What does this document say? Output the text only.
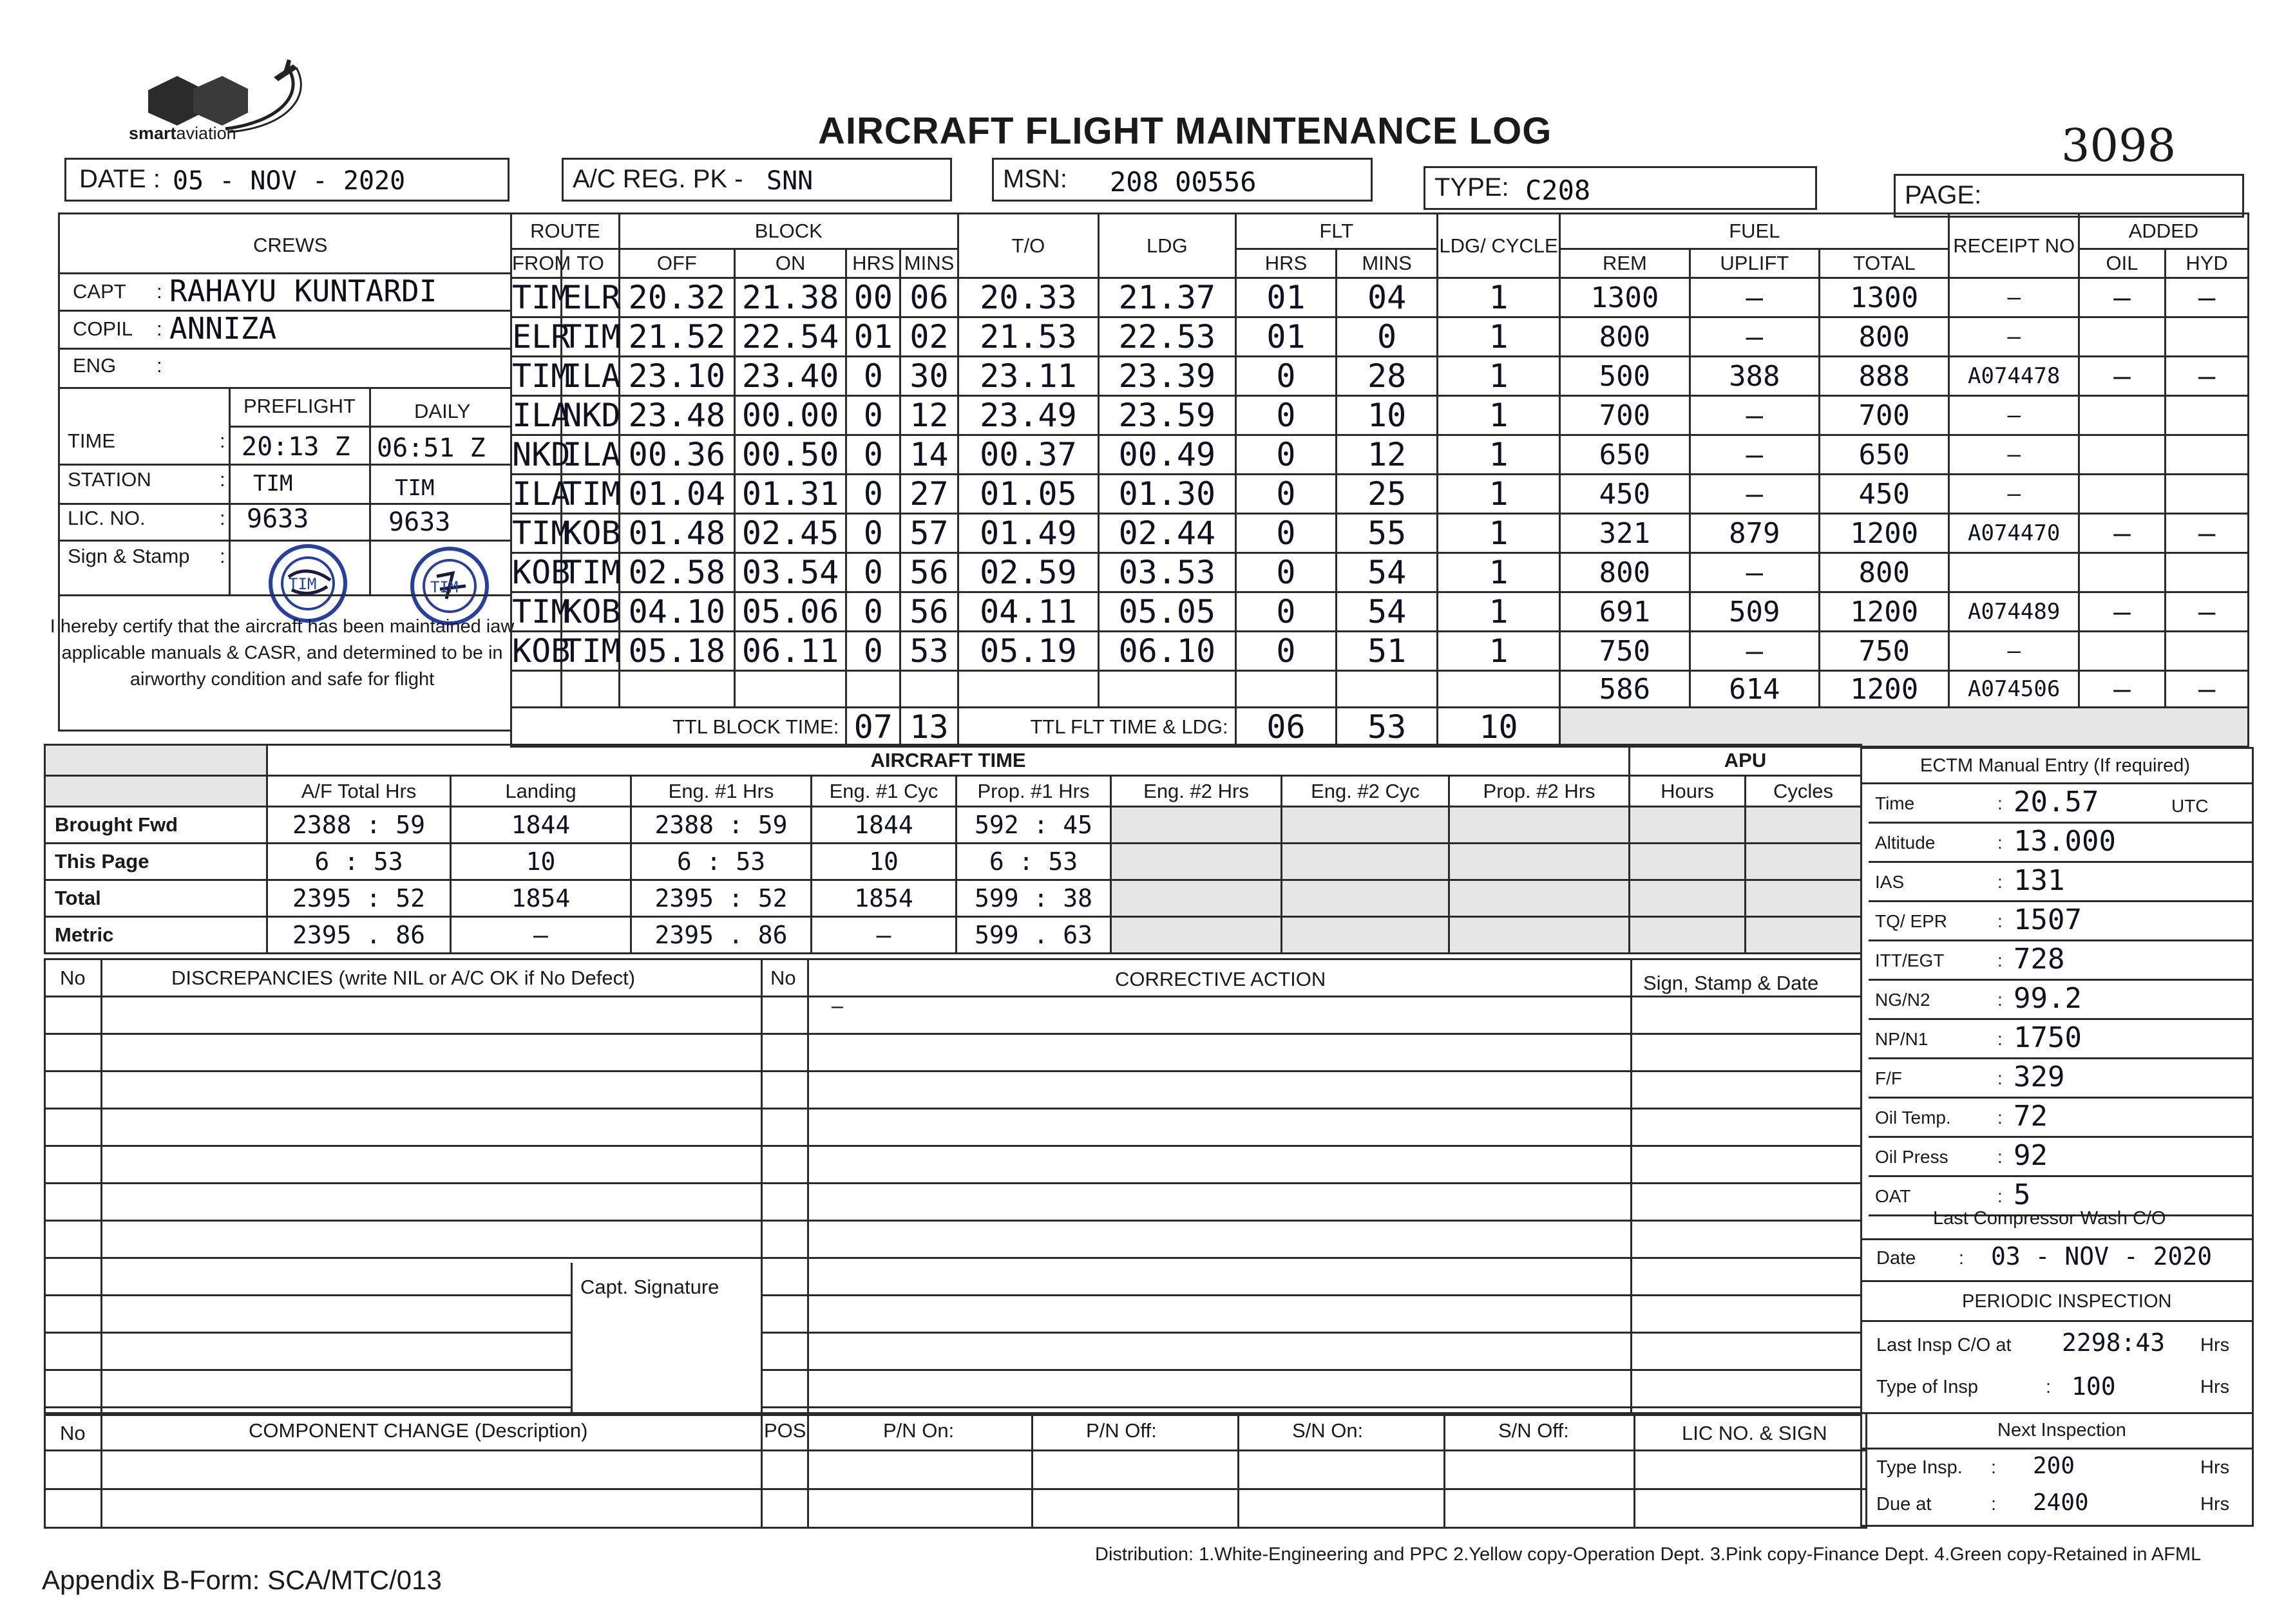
smartaviation	AIRCRAFT FLIGHT MAINTENANCE LOG	3098
DATE : 05 - NOV - 2020	A/C REG. PK - SNN	MSN: 208 00556	TYPE: C208	PAGE:
CREWS
CAPT : RAHAYU KUNTARDI
COPIL : ANNIZA
ENG :
PREFLIGHT	DAILY
TIME	: 20:13 Z 06:51 Z
STATION	: TIM	TIM
LIC. NO.	: 9633	9633
Sign & Stamp :
TIM	TIM
I hereby certify that the aircraft has been maintained iaw applicable manuals & CASR, and determined to be in airworthy condition and safe for flight
ROUTE		BLOCK				T/O	LDG	FLT		LDG/ CYCLE	FUEL			RECEIPT NO	ADDED	
FROM	TO	OFF	ON	HRS	MINS			HRS	MINS		REM	UPLIFT	TOTAL		OIL	HYD
TIM	ELR	20.32	21.38	00	06	20.33	21.37	01	04	1	1300	—	1300	—	—	—
ELR	TIM	21.52	22.54	01	02	21.53	22.53	01	0	1	800	—	800	—		
TIM	ILA	23.10	23.40	0	30	23.11	23.39	0	28	1	500	388	888	A074478	—	—
ILA	NKD	23.48	00.00	0	12	23.49	23.59	0	10	1	700	—	700	—		
NKD	ILA	00.36	00.50	0	14	00.37	00.49	0	12	1	650	—	650	—		
ILA	TIM	01.04	01.31	0	27	01.05	01.30	0	25	1	450	—	450	—		
TIM	KOB	01.48	02.45	0	57	01.49	02.44	0	55	1	321	879	1200	A074470	—	—
KOB	TIM	02.58	03.54	0	56	02.59	03.53	0	54	1	800	—	800			
TIM	KOB	04.10	05.06	0	56	04.11	05.05	0	54	1	691	509	1200	A074489	—	—
KOB	TIM	05.18	06.11	0	53	05.19	06.10	0	51	1	750	—	750	—		
											586	614	1200	A074506	—	—
TTL BLOCK TIME:				07	13	TTL FLT TIME & LDG:		06	53	10						
	AIRCRAFT TIME							
	A/F Total Hrs	Landing	Eng. #1 Hrs	Eng. #1 Cyc	Prop. #1 Hrs	Eng. #2 Hrs	Eng. #2 Cyc	Prop. #2 Hrs
Brought Fwd	2388 : 59	1844	2388 : 59	1844	592 : 45			
This Page	6 : 53	10	6 : 53	10	6 : 53			
Total	2395 : 52	1854	2395 : 52	1854	599 : 38			
Metric	2395 . 86	—	2395 . 86	—	599 . 63			
APU	
Hours	Cycles

ECTM Manual Entry (If required)
Time	: 20.57	UTC
Altitude	: 13.000
IAS	: 131
TQ/ EPR	: 1507
ITT/EGT	: 728
NG/N2	: 99.2
NP/N1	: 1750
F/F	: 329
Oil Temp.	: 72
Oil Press	: 92
OAT	: 5
Last Compressor Wash C/O
Date : 03 - NOV - 2020
PERIODIC INSPECTION
Last Insp C/O at 2298:43 Hrs
Type of Insp	: 100	Hrs
Next Inspection
Type Insp. : 200	Hrs
Due at	: 2400	Hrs
No	DISCREPANCIES (write NIL or A/C OK if No Defect)	No	CORRECTIVE ACTION	Sign, Stamp & Date
—
Capt. Signature
No	COMPONENT CHANGE (Description)	POS	P/N On:	P/N Off:	S/N On:	S/N Off:	LIC NO. & SIGN
Appendix B-Form: SCA/MTC/013
Distribution: 1.White-Engineering and PPC 2.Yellow copy-Operation Dept. 3.Pink copy-Finance Dept. 4.Green copy-Retained in AFML
